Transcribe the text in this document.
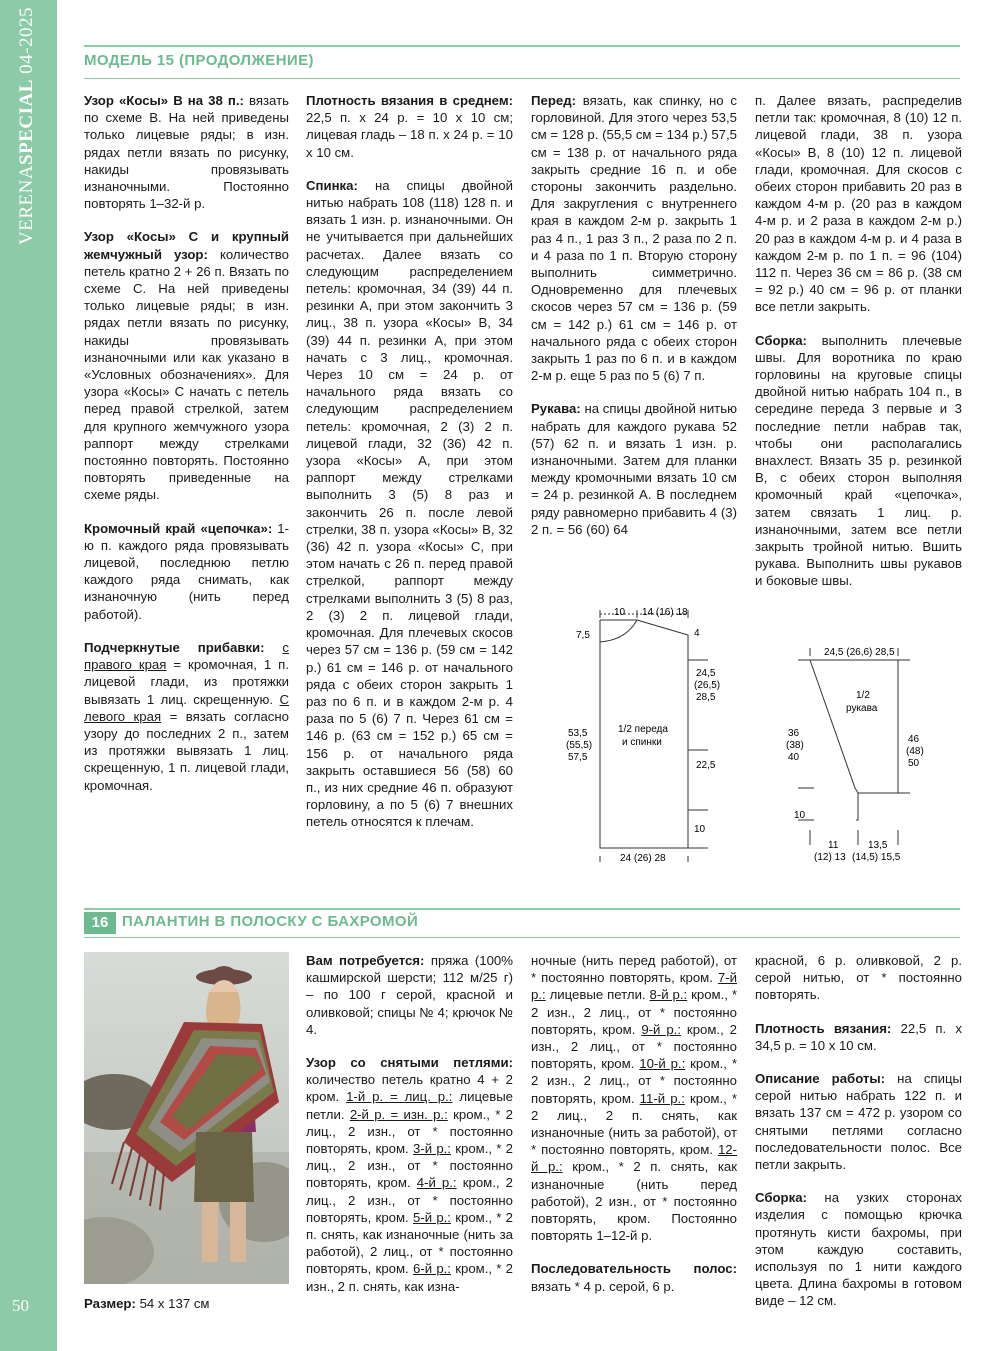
VERENASPECIAL 04-2025
50
МОДЕЛЬ 15 (ПРОДОЛЖЕНИЕ)

Узор «Косы» B на 38 п.: вязать по схеме B. На ней приведены только лицевые ряды; в изн. рядах петли вязать по рисунку, накиды провязывать изнаночными. Постоянно повторять 1–32-й р.

Узор «Косы» C и крупный жемчужный узор: количество петель кратно 2 + 26 п. Вязать по схеме C. На ней приведены только лицевые ряды; в изн. рядах петли вязать по рисунку, накиды провязывать изнаночными или как указано в «Условных обозначениях». Для узора «Косы» C начать с петель перед правой стрелкой, затем для крупного жемчужного узора раппорт между стрелками постоянно повторять. Постоянно повторять приведенные на схеме ряды.

Кромочный край «цепочка»: 1-ю п. каждого ряда провязывать лицевой, последнюю петлю каждого ряда снимать, как изнаночную (нить перед работой).

Подчеркнутые прибавки: с правого края = кромочная, 1 п. лицевой глади, из протяжки вывязать 1 лиц. скрещенную. С левого края = вязать согласно узору до последних 2 п., затем из протяжки вывязать 1 лиц. скрещенную, 1 п. лицевой глади, кромочная.

Плотность вязания в среднем: 22,5 п. x 24 р. = 10 x 10 см; лицевая гладь – 18 п. x 24 р. = 10 x 10 см.

Спинка: на спицы двойной нитью набрать 108 (118) 128 п. и вязать 1 изн. р. изнаночными. Он не учитывается при дальнейших расчетах. Далее вязать со следующим распределением петель: кромочная, 34 (39) 44 п. резинки A, при этом закончить 3 лиц., 38 п. узора «Косы» B, 34 (39) 44 п. резинки A, при этом начать с 3 лиц., кромочная. Через 10 см = 24 р. от начального ряда вязать со следующим распределением петель: кромочная, 2 (3) 2 п. лицевой глади, 32 (36) 42 п. узора «Косы» A, при этом раппорт между стрелками выполнить 3 (5) 8 раз и закончить 26 п. после левой стрелки, 38 п. узора «Косы» B, 32 (36) 42 п. узора «Косы» C, при этом начать с 26 п. перед правой стрелкой, раппорт между стрелками выполнить 3 (5) 8 раз, 2 (3) 2 п. лицевой глади, кромочная. Для плечевых скосов через 57 см = 136 р. (59 см = 142 р.) 61 см = 146 р. от начального ряда с обеих сторон закрыть 1 раз по 6 п. и в каждом 2-м р. 4 раза по 5 (6) 7 п. Через 61 см = 146 р. (63 см = 152 р.) 65 см = 156 р. от начального ряда закрыть оставшиеся 56 (58) 60 п., из них средние 46 п. образуют горловину, а по 5 (6) 7 внешних петель относятся к плечам.

Перед: вязать, как спинку, но с горловиной. Для этого через 53,5 см = 128 р. (55,5 см = 134 р.) 57,5 см = 138 р. от начального ряда закрыть средние 16 п. и обе стороны закончить раздельно. Для закругления с внутреннего края в каждом 2-м р. закрыть 1 раз 4 п., 1 раз 3 п., 2 раза по 2 п. и 4 раза по 1 п. Вторую сторону выполнить симметрично. Одновременно для плечевых скосов через 57 см = 136 р. (59 см = 142 р.) 61 см = 146 р. от начального ряда с обеих сторон закрыть 1 раз по 6 п. и в каждом 2-м р. еще 5 раз по 5 (6) 7 п.

Рукава: на спицы двойной нитью набрать для каждого рукава 52 (57) 62 п. и вязать 1 изн. р. изнаночными. Затем для планки между кромочными вязать 10 см = 24 р. резинкой A. В последнем ряду равномерно прибавить 4 (3) 2 п. = 56 (60) 64

п. Далее вязать, распределив петли так: кромочная, 8 (10) 12 п. лицевой глади, 38 п. узора «Косы» B, 8 (10) 12 п. лицевой глади, кромочная. Для скосов с обеих сторон прибавить 20 раз в каждом 4-м р. (20 раз в каждом 4-м р. и 2 раза в каждом 2-м р.) 20 раз в каждом 4-м р. и 4 раза в каждом 2-м р. по 1 п. = 96 (104) 112 п. Через 36 см = 86 р. (38 см = 92 р.) 40 см = 96 р. от планки все петли закрыть.

Сборка: выполнить плечевые швы. Для воротника по краю горловины на круговые спицы двойной нитью набрать 104 п., в середине переда 3 первые и 3 последние петли набрав так, чтобы они располагались внахлест. Вязать 35 р. резинкой B, с обеих сторон выполняя кромочный край «цепочка», затем связать 1 лиц. р. изнаночными, затем все петли закрыть тройной нитью. Вшить рукава. Выполнить швы рукавов и боковые швы.

10 14 (16) 18
7,5	4
53,5
(55,5)
57,5
24,5
(26,5)
28,5
22,5
10
1/2 переда
и спинки
24 (26) 28
24,5 (26,6) 28,5
36
(38)
40
46
(48)
50
10
1/2
рукава
11	13,5
(12) 13 (14,5) 15,5
16 ПАЛАНТИН В ПОЛОСКУ С БАХРОМОЙ
Размер: 54 x 137 см

Вам потребуется: пряжа (100% кашмирской шерсти; 112 м/25 г) – по 100 г серой, красной и оливковой; спицы № 4; крючок № 4.

Узор со снятыми петлями: количество петель кратно 4 + 2 кром. 1-й р. = лиц. р.: лицевые петли. 2-й р. = изн. р.: кром., * 2 лиц., 2 изн., от * постоянно повторять, кром. 3-й р.: кром., * 2 лиц., 2 изн., от * постоянно повторять, кром. 4-й р.: кром., 2 лиц., 2 изн., от * постоянно повторять, кром. 5-й р.: кром., * 2 п. снять, как изнаночные (нить за работой), 2 лиц., от * постоянно повторять, кром. 6-й р.: кром., * 2 изн., 2 п. снять, как изна-

ночные (нить перед работой), от * постоянно повторять, кром. 7-й р.: лицевые петли. 8-й р.: кром., * 2 изн., 2 лиц., от * постоянно повторять, кром. 9-й р.: кром., 2 изн., 2 лиц., от * постоянно повторять, кром. 10-й р.: кром., * 2 изн., 2 лиц., от * постоянно повторять, кром. 11-й р.: кром., * 2 лиц., 2 п. снять, как изнаночные (нить за работой), от * постоянно повторять, кром. 12-й р.: кром., * 2 п. снять, как изнаночные (нить перед работой), 2 изн., от * постоянно повторять, кром. Постоянно повторять 1–12-й р.

Последовательность полос: вязать * 4 р. серой, 6 р.

красной, 6 р. оливковой, 2 р. серой нитью, от * постоянно повторять.

Плотность вязания: 22,5 п. x 34,5 р. = 10 x 10 см.

Описание работы: на спицы серой нитью набрать 122 п. и вязать 137 см = 472 р. узором со снятыми петлями согласно последовательности полос. Все петли закрыть.

Сборка: на узких сторонах изделия с помощью крючка протянуть кисти бахромы, при этом каждую составить, используя по 1 нити каждого цвета. Длина бахромы в готовом виде – 12 см.
